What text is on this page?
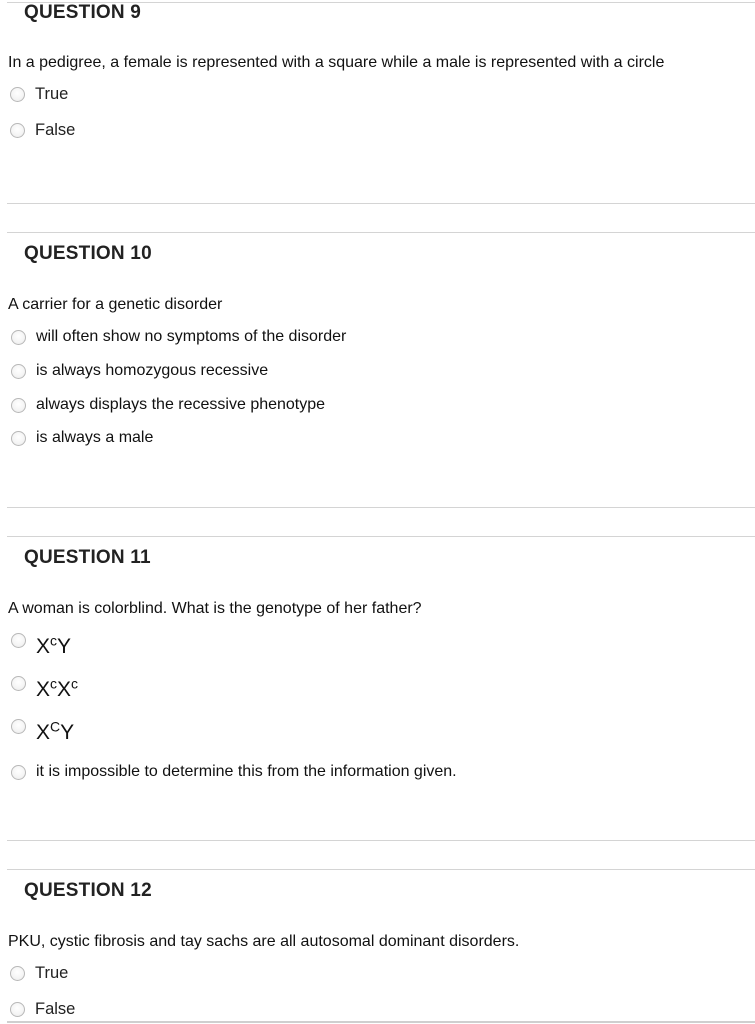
QUESTION 9

In a pedigree, a female is represented with a square while a male is represented with a circle

True
False
QUESTION 10

A carrier for a genetic disorder

will often show no symptoms of the disorder
is always homozygous recessive
always displays the recessive phenotype
is always a male
QUESTION 11

A woman is colorblind. What is the genotype of her father?

$X^cY$
$X^cX^c$
$X^CY$
it is impossible to determine this from the information given.
QUESTION 12

PKU, cystic fibrosis and tay sachs are all autosomal dominant disorders.

True
False
